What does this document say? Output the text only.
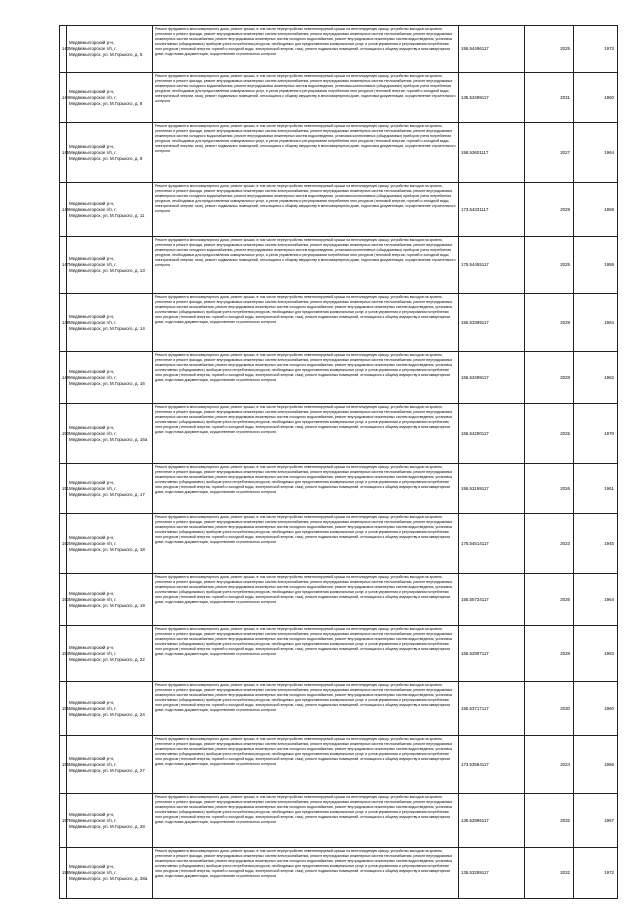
143	Медвежьегорский р-н, Медвежьегорское г/п, г. Медвежьегорск, ул. М.Горького, д. 5	Ремонт фундамента многоквартирного дома, ремонт крыши, в том числе переустройство невентилируемой крыши на вентилируемую крышу, устройство выходов на кровлю, утепление и ремонт фасада, ремонт внутридомовых инженерных систем электроснабжения, ремонт внутридомовых инженерных систем теплоснабжения, ремонт внутридомовых инженерных систем газоснабжения, ремонт внутридомовых инженерных систем холодного водоснабжения, ремонт внутридомовых инженерных систем водоотведения, установка коллективных (общедомовых) приборов учета потребления ресурсов, необходимых для предоставления коммунальных услуг, и узлов управления и регулирования потребления этих ресурсов (тепловой энергии, горячей и холодной воды, электрической энергии, газа), ремонт подвальных помещений, относящихся к общему имуществу в многоквартирном доме, подготовка документации, осуществление строительного контроля	155.54496117	2025	1973
144	Медвежьегорский р-н, Медвежьегорское г/п, г. Медвежьегорск, ул. М.Горького, д. 8	Ремонт фундамента многоквартирного дома, ремонт крыши, в том числе переустройство невентилируемой крыши на вентилируемую крышу, устройство выходов на кровлю, утепление и ремонт фасада, ремонт внутридомовых инженерных систем электроснабжения, ремонт внутридомовых инженерных систем теплоснабжения, ремонт внутридомовых инженерных систем холодного водоснабжения, ремонт внутридомовых инженерных систем водоотведения, установка коллективных (общедомовых) приборов учета потребления ресурсов, необходимых для предоставления коммунальных услуг, и узлов управления и регулирования потребления этих ресурсов (тепловой энергии, горячей и холодной воды, электрической энергии, газа), ремонт подвальных помещений, относящихся к общему имуществу в многоквартирном доме, подготовка документации, осуществление строительного контроля	135.53499117	2031	1960
145	Медвежьегорский р-н, Медвежьегорское г/п, г. Медвежьегорск, ул. М.Горького, д. 9	Ремонт фундамента многоквартирного дома, ремонт крыши, в том числе переустройство невентилируемой крыши на вентилируемую крышу, устройство выходов на кровлю, утепление и ремонт фасада, ремонт внутридомовых инженерных систем электроснабжения, ремонт внутридомовых инженерных систем теплоснабжения, ремонт внутридомовых инженерных систем холодного водоснабжения, ремонт внутридомовых инженерных систем водоотведения, установка коллективных (общедомовых) приборов учета потребления ресурсов, необходимых для предоставления коммунальных услуг, и узлов управления и регулирования потребления этих ресурсов (тепловой энергии, горячей и холодной воды, электрической энергии, газа), ремонт подвальных помещений, относящихся к общему имуществу в многоквартирном доме, подготовка документации, осуществление строительного контроля	158.53601117	2027	1964
146	Медвежьегорский р-н, Медвежьегорское г/п, г. Медвежьегорск, ул. М.Горького, д. 11	Ремонт фундамента многоквартирного дома, ремонт крыши, в том числе переустройство невентилируемой крыши на вентилируемую крышу, устройство выходов на кровлю, утепление и ремонт фасада, ремонт внутридомовых инженерных систем электроснабжения, ремонт внутридомовых инженерных систем теплоснабжения, ремонт внутридомовых инженерных систем холодного водоснабжения, ремонт внутридомовых инженерных систем водоотведения, установка коллективных (общедомовых) приборов учета потребления ресурсов, необходимых для предоставления коммунальных услуг, и узлов управления и регулирования потребления этих ресурсов (тепловой энергии, горячей и холодной воды, электрической энергии, газа), ремонт подвальных помещений, относящихся к общему имуществу в многоквартирном доме, подготовка документации, осуществление строительного контроля	173.54331117	2029	1959
147	Медвежьегорский р-н, Медвежьегорское г/п, г. Медвежьегорск, ул. М.Горького, д. 13	Ремонт фундамента многоквартирного дома, ремонт крыши, в том числе переустройство невентилируемой крыши на вентилируемую крышу, устройство выходов на кровлю, утепление и ремонт фасада, ремонт внутридомовых инженерных систем электроснабжения, ремонт внутридомовых инженерных систем теплоснабжения, ремонт внутридомовых инженерных систем холодного водоснабжения, ремонт внутридомовых инженерных систем водоотведения, установка коллективных (общедомовых) приборов учета потребления ресурсов, необходимых для предоставления коммунальных услуг, и узлов управления и регулирования потребления этих ресурсов (тепловой энергии, горячей и холодной воды, электрической энергии, газа), ремонт подвальных помещений, относящихся к общему имуществу в многоквартирном доме, подготовка документации, осуществление строительного контроля	175.54455117	2025	1958
148	Медвежьегорский р-н, Медвежьегорское г/п, г. Медвежьегорск, ул. М.Горького, д. 14	Ремонт фундамента многоквартирного дома, ремонт крыши, в том числе переустройство невентилируемой крыши на вентилируемую крышу, устройство выходов на кровлю, утепление и ремонт фасада, ремонт внутридомовых инженерных систем электроснабжения, ремонт внутридомовых инженерных систем теплоснабжения, ремонт внутридомовых инженерных систем газоснабжения, ремонт внутридомовых инженерных систем холодного водоснабжения, ремонт внутридомовых инженерных систем водоотведения, установка коллективных (общедомовых) приборов учета потребления ресурсов, необходимых для предоставления коммунальных услуг, и узлов управления и регулирования потребления этих ресурсов (тепловой энергии, горячей и холодной воды, электрической энергии, газа), ремонт подвальных помещений, относящихся к общему имуществу в многоквартирном доме, подготовка документации, осуществление строительного контроля	155.53399117	2029	1964
149	Медвежьегорский р-н, Медвежьегорское г/п, г. Медвежьегорск, ул. М.Горького, д. 16	Ремонт фундамента многоквартирного дома, ремонт крыши, в том числе переустройство невентилируемой крыши на вентилируемую крышу, устройство выходов на кровлю, утепление и ремонт фасада, ремонт внутридомовых инженерных систем электроснабжения, ремонт внутридомовых инженерных систем теплоснабжения, ремонт внутридомовых инженерных систем газоснабжения, ремонт внутридомовых инженерных систем холодного водоснабжения, ремонт внутридомовых инженерных систем водоотведения, установка коллективных (общедомовых) приборов учета потребления ресурсов, необходимых для предоставления коммунальных услуг, и узлов управления и регулирования потребления этих ресурсов (тепловой энергии, горячей и холодной воды, электрической энергии, газа), ремонт подвальных помещений, относящихся к общему имуществу в многоквартирном доме, подготовка документации, осуществление строительного контроля	155.53499117	2028	1962
150	Медвежьегорский р-н, Медвежьегорское г/п, г. Медвежьегорск, ул. М.Горького, д. 16а	Ремонт фундамента многоквартирного дома, ремонт крыши, в том числе переустройство невентилируемой крыши на вентилируемую крышу, устройство выходов на кровлю, утепление и ремонт фасада, ремонт внутридомовых инженерных систем электроснабжения, ремонт внутридомовых инженерных систем теплоснабжения, ремонт внутридомовых инженерных систем газоснабжения, ремонт внутридомовых инженерных систем холодного водоснабжения, ремонт внутридомовых инженерных систем водоотведения, установка коллективных (общедомовых) приборов учета потребления ресурсов, необходимых для предоставления коммунальных услуг, и узлов управления и регулирования потребления этих ресурсов (тепловой энергии, горячей и холодной воды, электрической энергии, газа), ремонт подвальных помещений, относящихся к общему имуществу в многоквартирном доме, подготовка документации, осуществление строительного контроля	155.54290117	2025	1970
151	Медвежьегорский р-н, Медвежьегорское г/п, г. Медвежьегорск, ул. М.Горького, д. 17	Ремонт фундамента многоквартирного дома, ремонт крыши, в том числе переустройство невентилируемой крыши на вентилируемую крышу, устройство выходов на кровлю, утепление и ремонт фасада, ремонт внутридомовых инженерных систем электроснабжения, ремонт внутридомовых инженерных систем теплоснабжения, ремонт внутридомовых инженерных систем газоснабжения, ремонт внутридомовых инженерных систем холодного водоснабжения, ремонт внутридомовых инженерных систем водоотведения, установка коллективных (общедомовых) приборов учета потребления ресурсов, необходимых для предоставления коммунальных услуг, и узлов управления и регулирования потребления этих ресурсов (тепловой энергии, горячей и холодной воды, электрической энергии, газа), ремонт подвальных помещений, относящихся к общему имуществу в многоквартирном доме, подготовка документации, осуществление строительного контроля	155.53199117	2026	1961
152	Медвежьегорский р-н, Медвежьегорское г/п, г. Медвежьегорск, ул. М.Горького, д. 18	Ремонт фундамента многоквартирного дома, ремонт крыши, в том числе переустройство невентилируемой крыши на вентилируемую крышу, устройство выходов на кровлю, утепление и ремонт фасада, ремонт внутридомовых инженерных систем электроснабжения, ремонт внутридомовых инженерных систем теплоснабжения, ремонт внутридомовых инженерных систем газоснабжения, ремонт внутридомовых инженерных систем холодного водоснабжения, ремонт внутридомовых инженерных систем водоотведения, установка коллективных (общедомовых) приборов учета потребления ресурсов, необходимых для предоставления коммунальных услуг, и узлов управления и регулирования потребления этих ресурсов (тепловой энергии, горячей и холодной воды, электрической энергии, газа), ремонт подвальных помещений, относящихся к общему имуществу в многоквартирном доме, подготовка документации, осуществление строительного контроля	175.54514117	2023	1945
153	Медвежьегорский р-н, Медвежьегорское г/п, г. Медвежьегорск, ул. М.Горького, д. 19	Ремонт фундамента многоквартирного дома, ремонт крыши, в том числе переустройство невентилируемой крыши на вентилируемую крышу, устройство выходов на кровлю, утепление и ремонт фасада, ремонт внутридомовых инженерных систем электроснабжения, ремонт внутридомовых инженерных систем теплоснабжения, ремонт внутридомовых инженерных систем газоснабжения, ремонт внутридомовых инженерных систем холодного водоснабжения, ремонт внутридомовых инженерных систем водоотведения, установка коллективных (общедомовых) приборов учета потребления ресурсов, необходимых для предоставления коммунальных услуг, и узлов управления и регулирования потребления этих ресурсов (тепловой энергии, горячей и холодной воды, электрической энергии, газа), ремонт подвальных помещений, относящихся к общему имуществу в многоквартирном доме, подготовка документации, осуществление строительного контроля	155.55734117	2026	1964
154	Медвежьегорский р-н, Медвежьегорское г/п, г. Медвежьегорск, ул. М.Горького, д. 22	Ремонт фундамента многоквартирного дома, ремонт крыши, в том числе переустройство невентилируемой крыши на вентилируемую крышу, устройство выходов на кровлю, утепление и ремонт фасада, ремонт внутридомовых инженерных систем электроснабжения, ремонт внутридомовых инженерных систем теплоснабжения, ремонт внутридомовых инженерных систем газоснабжения, ремонт внутридомовых инженерных систем холодного водоснабжения, ремонт внутридомовых инженерных систем водоотведения, установка коллективных (общедомовых) приборов учета потребления ресурсов, необходимых для предоставления коммунальных услуг, и узлов управления и регулирования потребления этих ресурсов (тепловой энергии, горячей и холодной воды, электрической энергии, газа), ремонт подвальных помещений, относящихся к общему имуществу в многоквартирном доме, подготовка документации, осуществление строительного контроля	155.52997117	2028	1963
155	Медвежьегорский р-н, Медвежьегорское г/п, г. Медвежьегорск, ул. М.Горького, д. 24	Ремонт фундамента многоквартирного дома, ремонт крыши, в том числе переустройство невентилируемой крыши на вентилируемую крышу, устройство выходов на кровлю, утепление и ремонт фасада, ремонт внутридомовых инженерных систем электроснабжения, ремонт внутридомовых инженерных систем теплоснабжения, ремонт внутридомовых инженерных систем газоснабжения, ремонт внутридомовых инженерных систем холодного водоснабжения, ремонт внутридомовых инженерных систем водоотведения, установка коллективных (общедомовых) приборов учета потребления ресурсов, необходимых для предоставления коммунальных услуг, и узлов управления и регулирования потребления этих ресурсов (тепловой энергии, горячей и холодной воды, электрической энергии, газа), ремонт подвальных помещений, относящихся к общему имуществу в многоквартирном доме, подготовка документации, осуществление строительного контроля	155.53717117	2030	1960
156	Медвежьегорский р-н, Медвежьегорское г/п, г. Медвежьегорск, ул. М.Горького, д. 27	Ремонт фундамента многоквартирного дома, ремонт крыши, в том числе переустройство невентилируемой крыши на вентилируемую крышу, устройство выходов на кровлю, утепление и ремонт фасада, ремонт внутридомовых инженерных систем электроснабжения, ремонт внутридомовых инженерных систем теплоснабжения, ремонт внутридомовых инженерных систем газоснабжения, ремонт внутридомовых инженерных систем холодного водоснабжения, ремонт внутридомовых инженерных систем водоотведения, установка коллективных (общедомовых) приборов учета потребления ресурсов, необходимых для предоставления коммунальных услуг, и узлов управления и регулирования потребления этих ресурсов (тепловой энергии, горячей и холодной воды, электрической энергии, газа), ремонт подвальных помещений, относящихся к общему имуществу в многоквартирном доме, подготовка документации, осуществление строительного контроля	173.53584117	2024	1956
157	Медвежьегорский р-н, Медвежьегорское г/п, г. Медвежьегорск, ул. М.Горького, д. 28	Ремонт фундамента многоквартирного дома, ремонт крыши, в том числе переустройство невентилируемой крыши на вентилируемую крышу, устройство выходов на кровлю, утепление и ремонт фасада, ремонт внутридомовых инженерных систем электроснабжения, ремонт внутридомовых инженерных систем теплоснабжения, ремонт внутридомовых инженерных систем газоснабжения, ремонт внутридомовых инженерных систем холодного водоснабжения, ремонт внутридомовых инженерных систем водоотведения, установка коллективных (общедомовых) приборов учета потребления ресурсов, необходимых для предоставления коммунальных услуг, и узлов управления и регулирования потребления этих ресурсов (тепловой энергии, горячей и холодной воды, электрической энергии, газа), ремонт подвальных помещений, относящихся к общему имуществу в многоквартирном доме, подготовка документации, осуществление строительного контроля	135.52995117	2032	1967
158	Медвежьегорский р-н, Медвежьегорское г/п, г. Медвежьегорск, ул. М.Горького, д. 28а	Ремонт фундамента многоквартирного дома, ремонт крыши, в том числе переустройство невентилируемой крыши на вентилируемую крышу, устройство выходов на кровлю, утепление и ремонт фасада, ремонт внутридомовых инженерных систем электроснабжения, ремонт внутридомовых инженерных систем теплоснабжения, ремонт внутридомовых инженерных систем газоснабжения, ремонт внутридомовых инженерных систем холодного водоснабжения, ремонт внутридомовых инженерных систем водоотведения, установка коллективных (общедомовых) приборов учета потребления ресурсов, необходимых для предоставления коммунальных услуг, и узлов управления и регулирования потребления этих ресурсов (тепловой энергии, горячей и холодной воды, электрической энергии, газа), ремонт подвальных помещений, относящихся к общему имуществу в многоквартирном доме, подготовка документации, осуществление строительного контроля	135.53289117	2032	1972
